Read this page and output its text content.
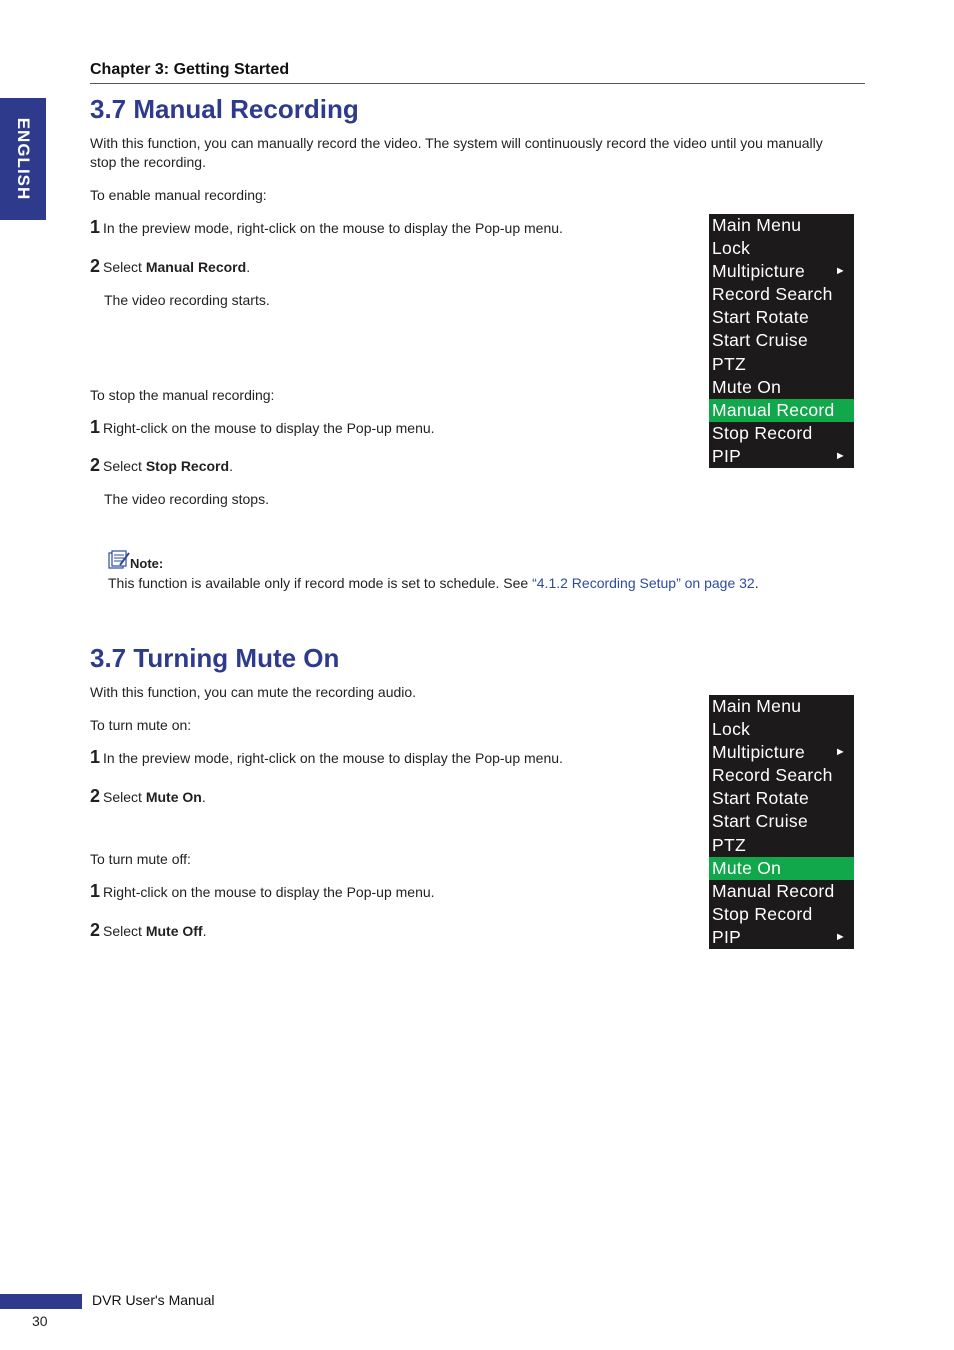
Chapter 3: Getting Started
ENGLISH
3.7 Manual Recording
With this function, you can manually record the video. The system will continuously record the video until you manually stop the recording.
To enable manual recording:
1 In the preview mode, right-click on the mouse to display the Pop-up menu.
2 Select Manual Record.
The video recording starts.
To stop the manual recording:
1 Right-click on the mouse to display the Pop-up menu.
2 Select Stop Record.
The video recording stops.
Note:
This function is available only if record mode is set to schedule. See “4.1.2 Recording Setup” on page 32.
Main Menu
Lock
Multipicture	►
Record Search
Start Rotate
Start Cruise
PTZ
Mute On
Manual Record
Stop Record
PIP	►
3.7 Turning Mute On
With this function, you can mute the recording audio.
To turn mute on:
1 In the preview mode, right-click on the mouse to display the Pop-up menu.
2 Select Mute On.
To turn mute off:
1 Right-click on the mouse to display the Pop-up menu.
2 Select Mute Off.
Main Menu
Lock
Multipicture	►
Record Search
Start Rotate
Start Cruise
PTZ
Mute On
Manual Record
Stop Record
PIP	►
DVR User's Manual
30
